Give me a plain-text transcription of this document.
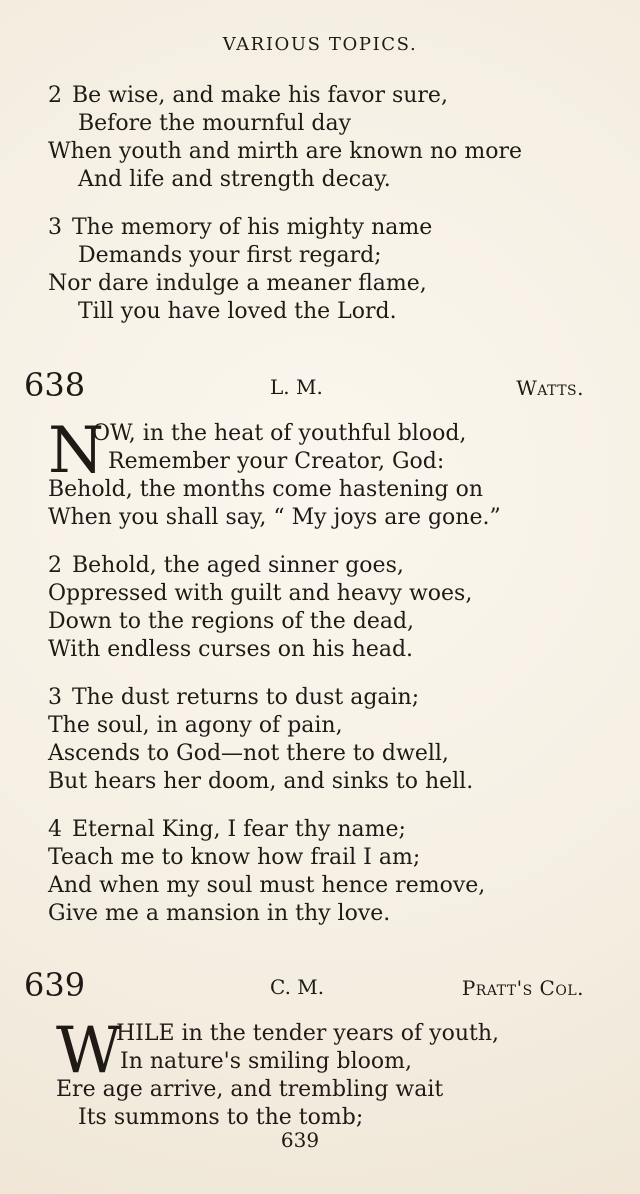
VARIOUS TOPICS.
2 Be wise, and make his favor sure,
Before the mournful day
When youth and mirth are known no more
And life and strength decay.
3 The memory of his mighty name
Demands your first regard;
Nor dare indulge a meaner flame,
Till you have loved the Lord.
638	L. M.	Watts.
N
OW, in the heat of youthful blood,
Remember your Creator, God:
Behold, the months come hastening on
When you shall say, “ My joys are gone.”
2 Behold, the aged sinner goes,
Oppressed with guilt and heavy woes,
Down to the regions of the dead,
With endless curses on his head.
3 The dust returns to dust again;
The soul, in agony of pain,
Ascends to God—not there to dwell,
But hears her doom, and sinks to hell.
4 Eternal King, I fear thy name;
Teach me to know how frail I am;
And when my soul must hence remove,
Give me a mansion in thy love.
639	C. M.	Pratt's Col.
W
HILE in the tender years of youth,
In nature's smiling bloom,
Ere age arrive, and trembling wait
Its summons to the tomb;
639
